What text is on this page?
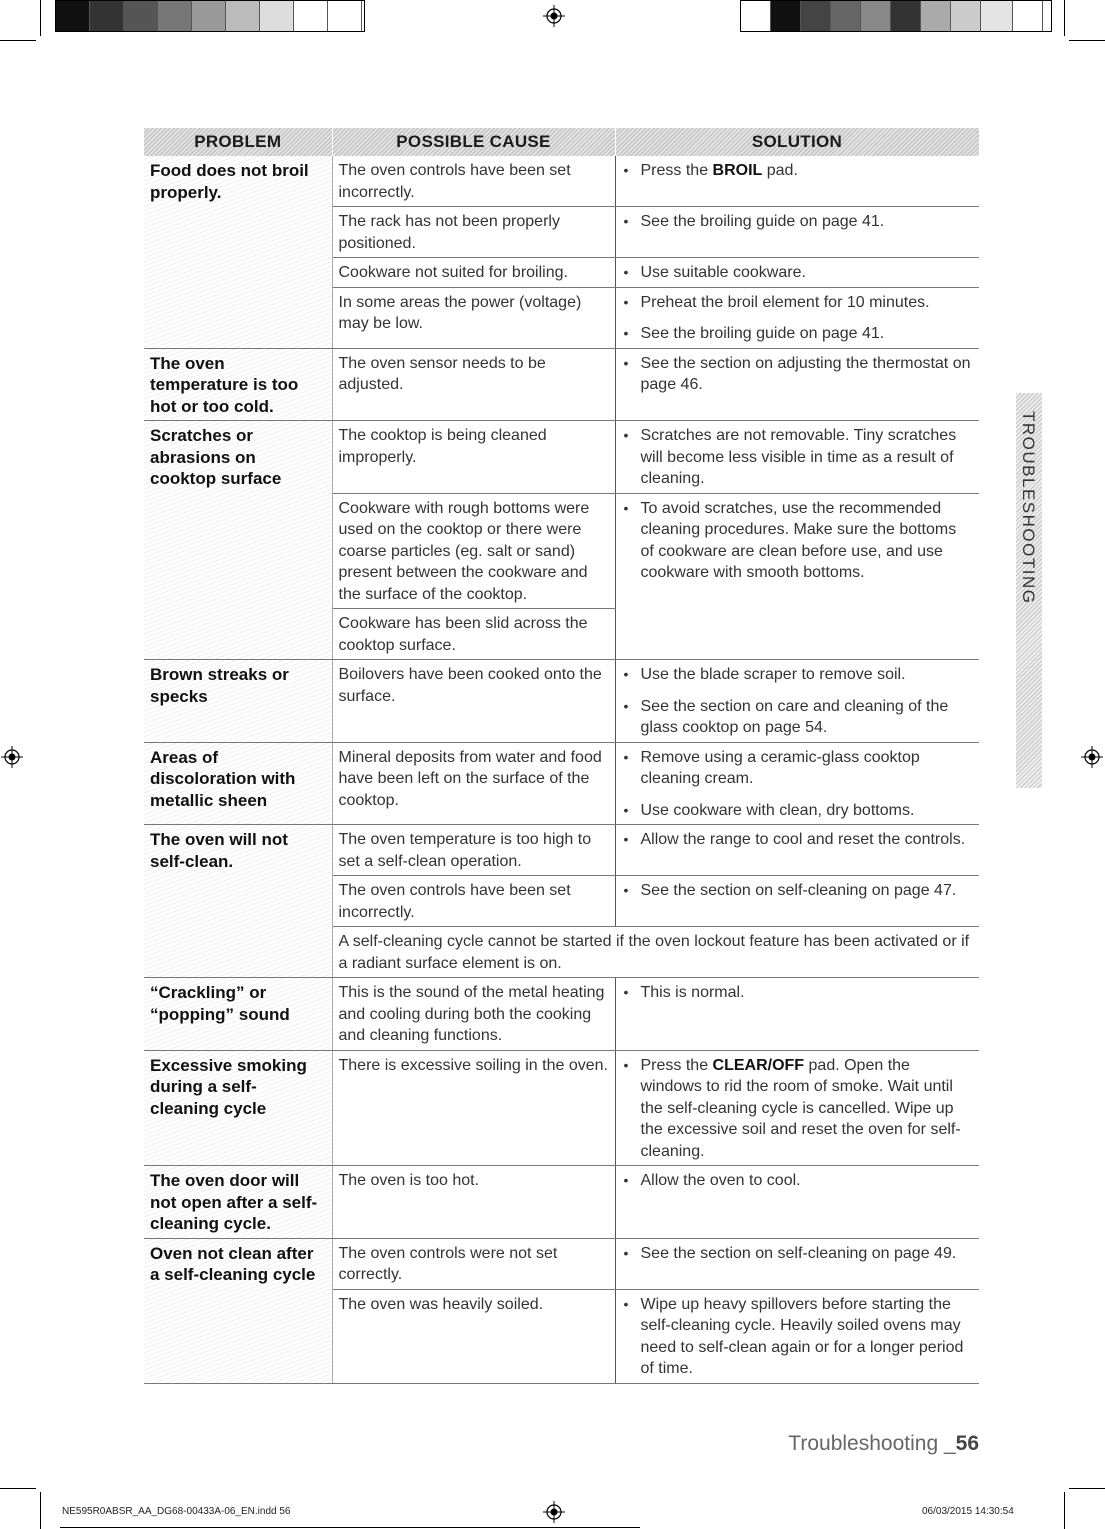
PROBLEM	POSSIBLE CAUSE	SOLUTION
Food does not broil properly.	The oven controls have been set incorrectly.	• Press the BROIL pad.

	The rack has not been properly positioned.	• See the broiling guide on page 41.

	Cookware not suited for broiling.	• Use suitable cookware.

	In some areas the power (voltage) may be low.	• Preheat the broil element for 10 minutes.

• See the broiling guide on page 41.

The oven temperature is too hot or too cold.	The oven sensor needs to be adjusted.	• See the section on adjusting the thermostat on page 46.

Scratches or abrasions on cooktop surface	The cooktop is being cleaned improperly.	• Scratches are not removable. Tiny scratches will become less visible in time as a result of cleaning.

	Cookware with rough bottoms were used on the cooktop or there were coarse particles (eg. salt or sand) present between the cookware and the surface of the cooktop.	• To avoid scratches, use the recommended cleaning procedures. Make sure the bottoms of cookware are clean before use, and use cookware with smooth bottoms.

	Cookware has been slid across the cooktop surface.	
Brown streaks or specks	Boilovers have been cooked onto the surface.	• Use the blade scraper to remove soil.

• See the section on care and cleaning of the glass cooktop on page 54.

Areas of discoloration with metallic sheen	Mineral deposits from water and food have been left on the surface of the cooktop.	• Remove using a ceramic-glass cooktop cleaning cream.

• Use cookware with clean, dry bottoms.

The oven will not self-clean.	The oven temperature is too high to set a self-clean operation.	• Allow the range to cool and reset the controls.

	The oven controls have been set incorrectly.	• See the section on self-cleaning on page 47.

	A self-cleaning cycle cannot be started if the oven lockout feature has been activated or if a radiant surface element is on.	
“Crackling” or “popping” sound	This is the sound of the metal heating and cooling during both the cooking and cleaning functions.	• This is normal.

Excessive smoking during a self-cleaning cycle	There is excessive soiling in the oven.	• Press the CLEAR/OFF pad. Open the windows to rid the room of smoke. Wait until the self-cleaning cycle is cancelled. Wipe up the excessive soil and reset the oven for self-cleaning.

The oven door will not open after a self-cleaning cycle.	The oven is too hot.	• Allow the oven to cool.

Oven not clean after a self-cleaning cycle	The oven controls were not set correctly.	• See the section on self-cleaning on page 49.

	The oven was heavily soiled.	• Wipe up heavy spillovers before starting the self-cleaning cycle. Heavily soiled ovens may need to self-clean again or for a longer period of time.

TROUBLESHOOTING
Troubleshooting _56
NE595R0ABSR_AA_DG68-00433A-06_EN.indd 56	06/03/2015 14:30:54
